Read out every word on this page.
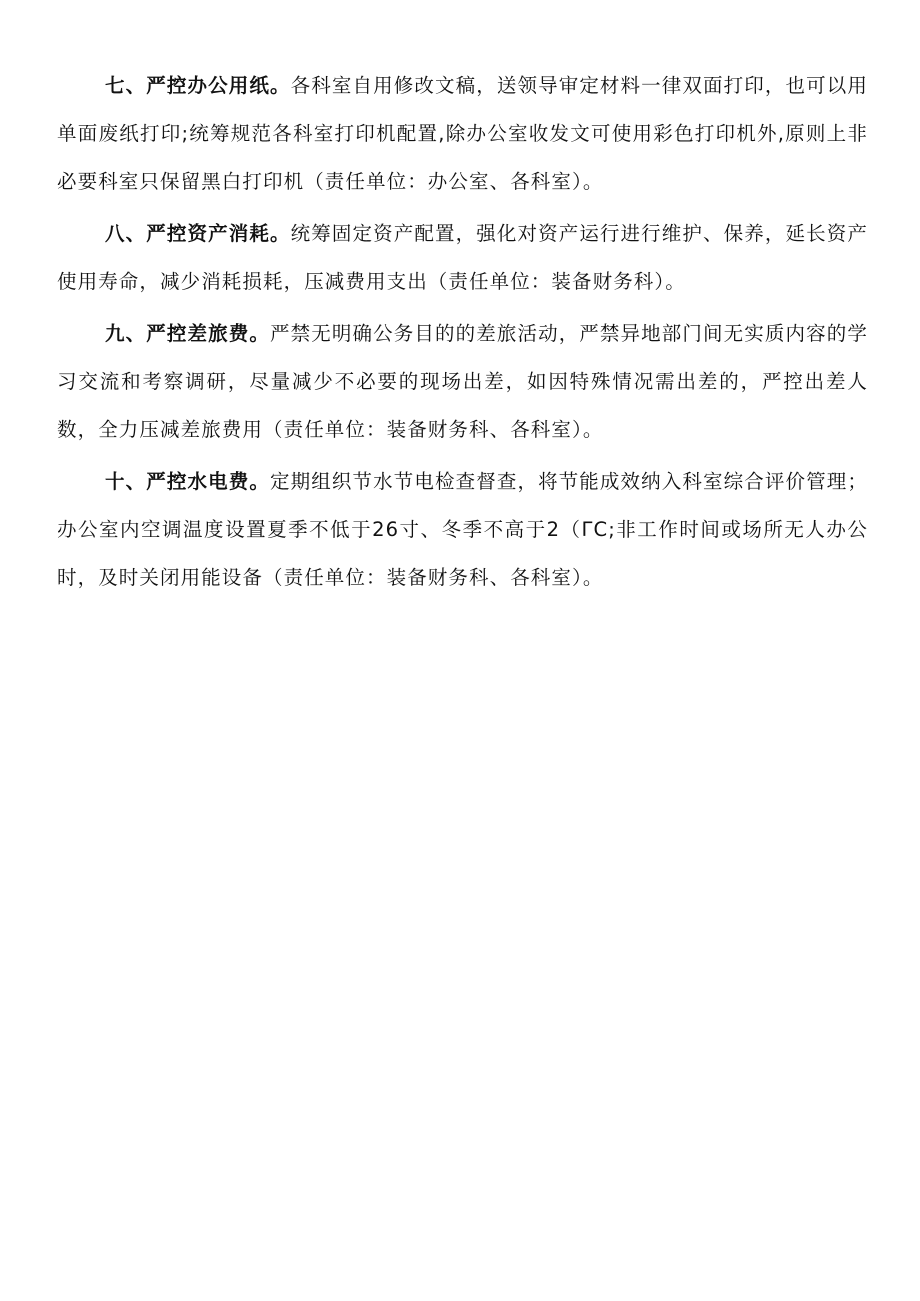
七、严控办公用纸。各科室自用修改文稿，送领导审定材料一律双面打印，也可以用单面废纸打印;统筹规范各科室打印机配置,除办公室收发文可使用彩色打印机外,原则上非必要科室只保留黑白打印机（责任单位：办公室、各科室）。

八、严控资产消耗。统筹固定资产配置，强化对资产运行进行维护、保养，延长资产使用寿命，减少消耗损耗，压减费用支出（责任单位：装备财务科）。

九、严控差旅费。严禁无明确公务目的的差旅活动，严禁异地部门间无实质内容的学习交流和考察调研，尽量减少不必要的现场出差，如因特殊情况需出差的，严控出差人数，全力压减差旅费用（责任单位：装备财务科、各科室）。

十、严控水电费。定期组织节水节电检查督查，将节能成效纳入科室综合评价管理；办公室内空调温度设置夏季不低于26寸、冬季不高于2（ΓC;非工作时间或场所无人办公时，及时关闭用能设备（责任单位：装备财务科、各科室）。
